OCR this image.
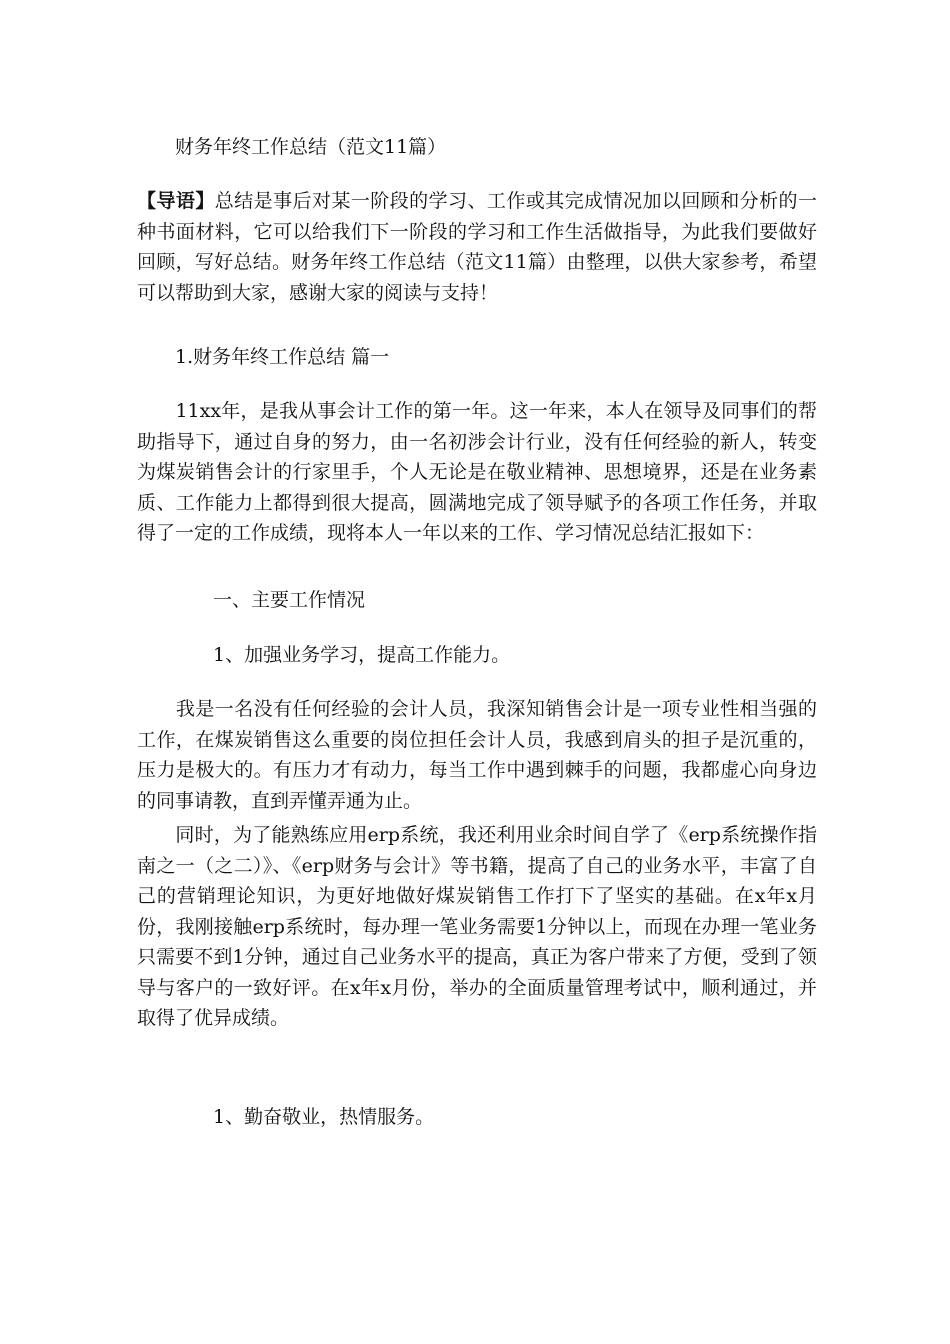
财务年终工作总结（范文11篇）

【导语】总结是事后对某一阶段的学习、工作或其完成情况加以回顾和分析的一种书面材料，它可以给我们下一阶段的学习和工作生活做指导，为此我们要做好回顾，写好总结。财务年终工作总结（范文11篇）由整理，以供大家参考，希望可以帮助到大家，感谢大家的阅读与支持！

1.财务年终工作总结 篇一

　　11xx年，是我从事会计工作的第一年。这一年来，本人在领导及同事们的帮助指导下，通过自身的努力，由一名初涉会计行业，没有任何经验的新人，转变为煤炭销售会计的行家里手，个人无论是在敬业精神、思想境界，还是在业务素质、工作能力上都得到很大提高，圆满地完成了领导赋予的各项工作任务，并取得了一定的工作成绩，现将本人一年以来的工作、学习情况总结汇报如下：

一、主要工作情况
1、加强业务学习，提高工作能力。

　　我是一名没有任何经验的会计人员，我深知销售会计是一项专业性相当强的工作，在煤炭销售这么重要的岗位担任会计人员，我感到肩头的担子是沉重的，压力是极大的。有压力才有动力，每当工作中遇到棘手的问题，我都虚心向身边的同事请教，直到弄懂弄通为止。

　　同时，为了能熟练应用erp系统，我还利用业余时间自学了《erp系统操作指南之一（之二）》、《erp财务与会计》等书籍，提高了自己的业务水平，丰富了自己的营销理论知识，为更好地做好煤炭销售工作打下了坚实的基础。在x年x月份，我刚接触erp系统时，每办理一笔业务需要1分钟以上，而现在办理一笔业务只需要不到1分钟，通过自己业务水平的提高，真正为客户带来了方便，受到了领导与客户的一致好评。在x年x月份，举办的全面质量管理考试中，顺利通过，并取得了优异成绩。

1、勤奋敬业，热情服务。
